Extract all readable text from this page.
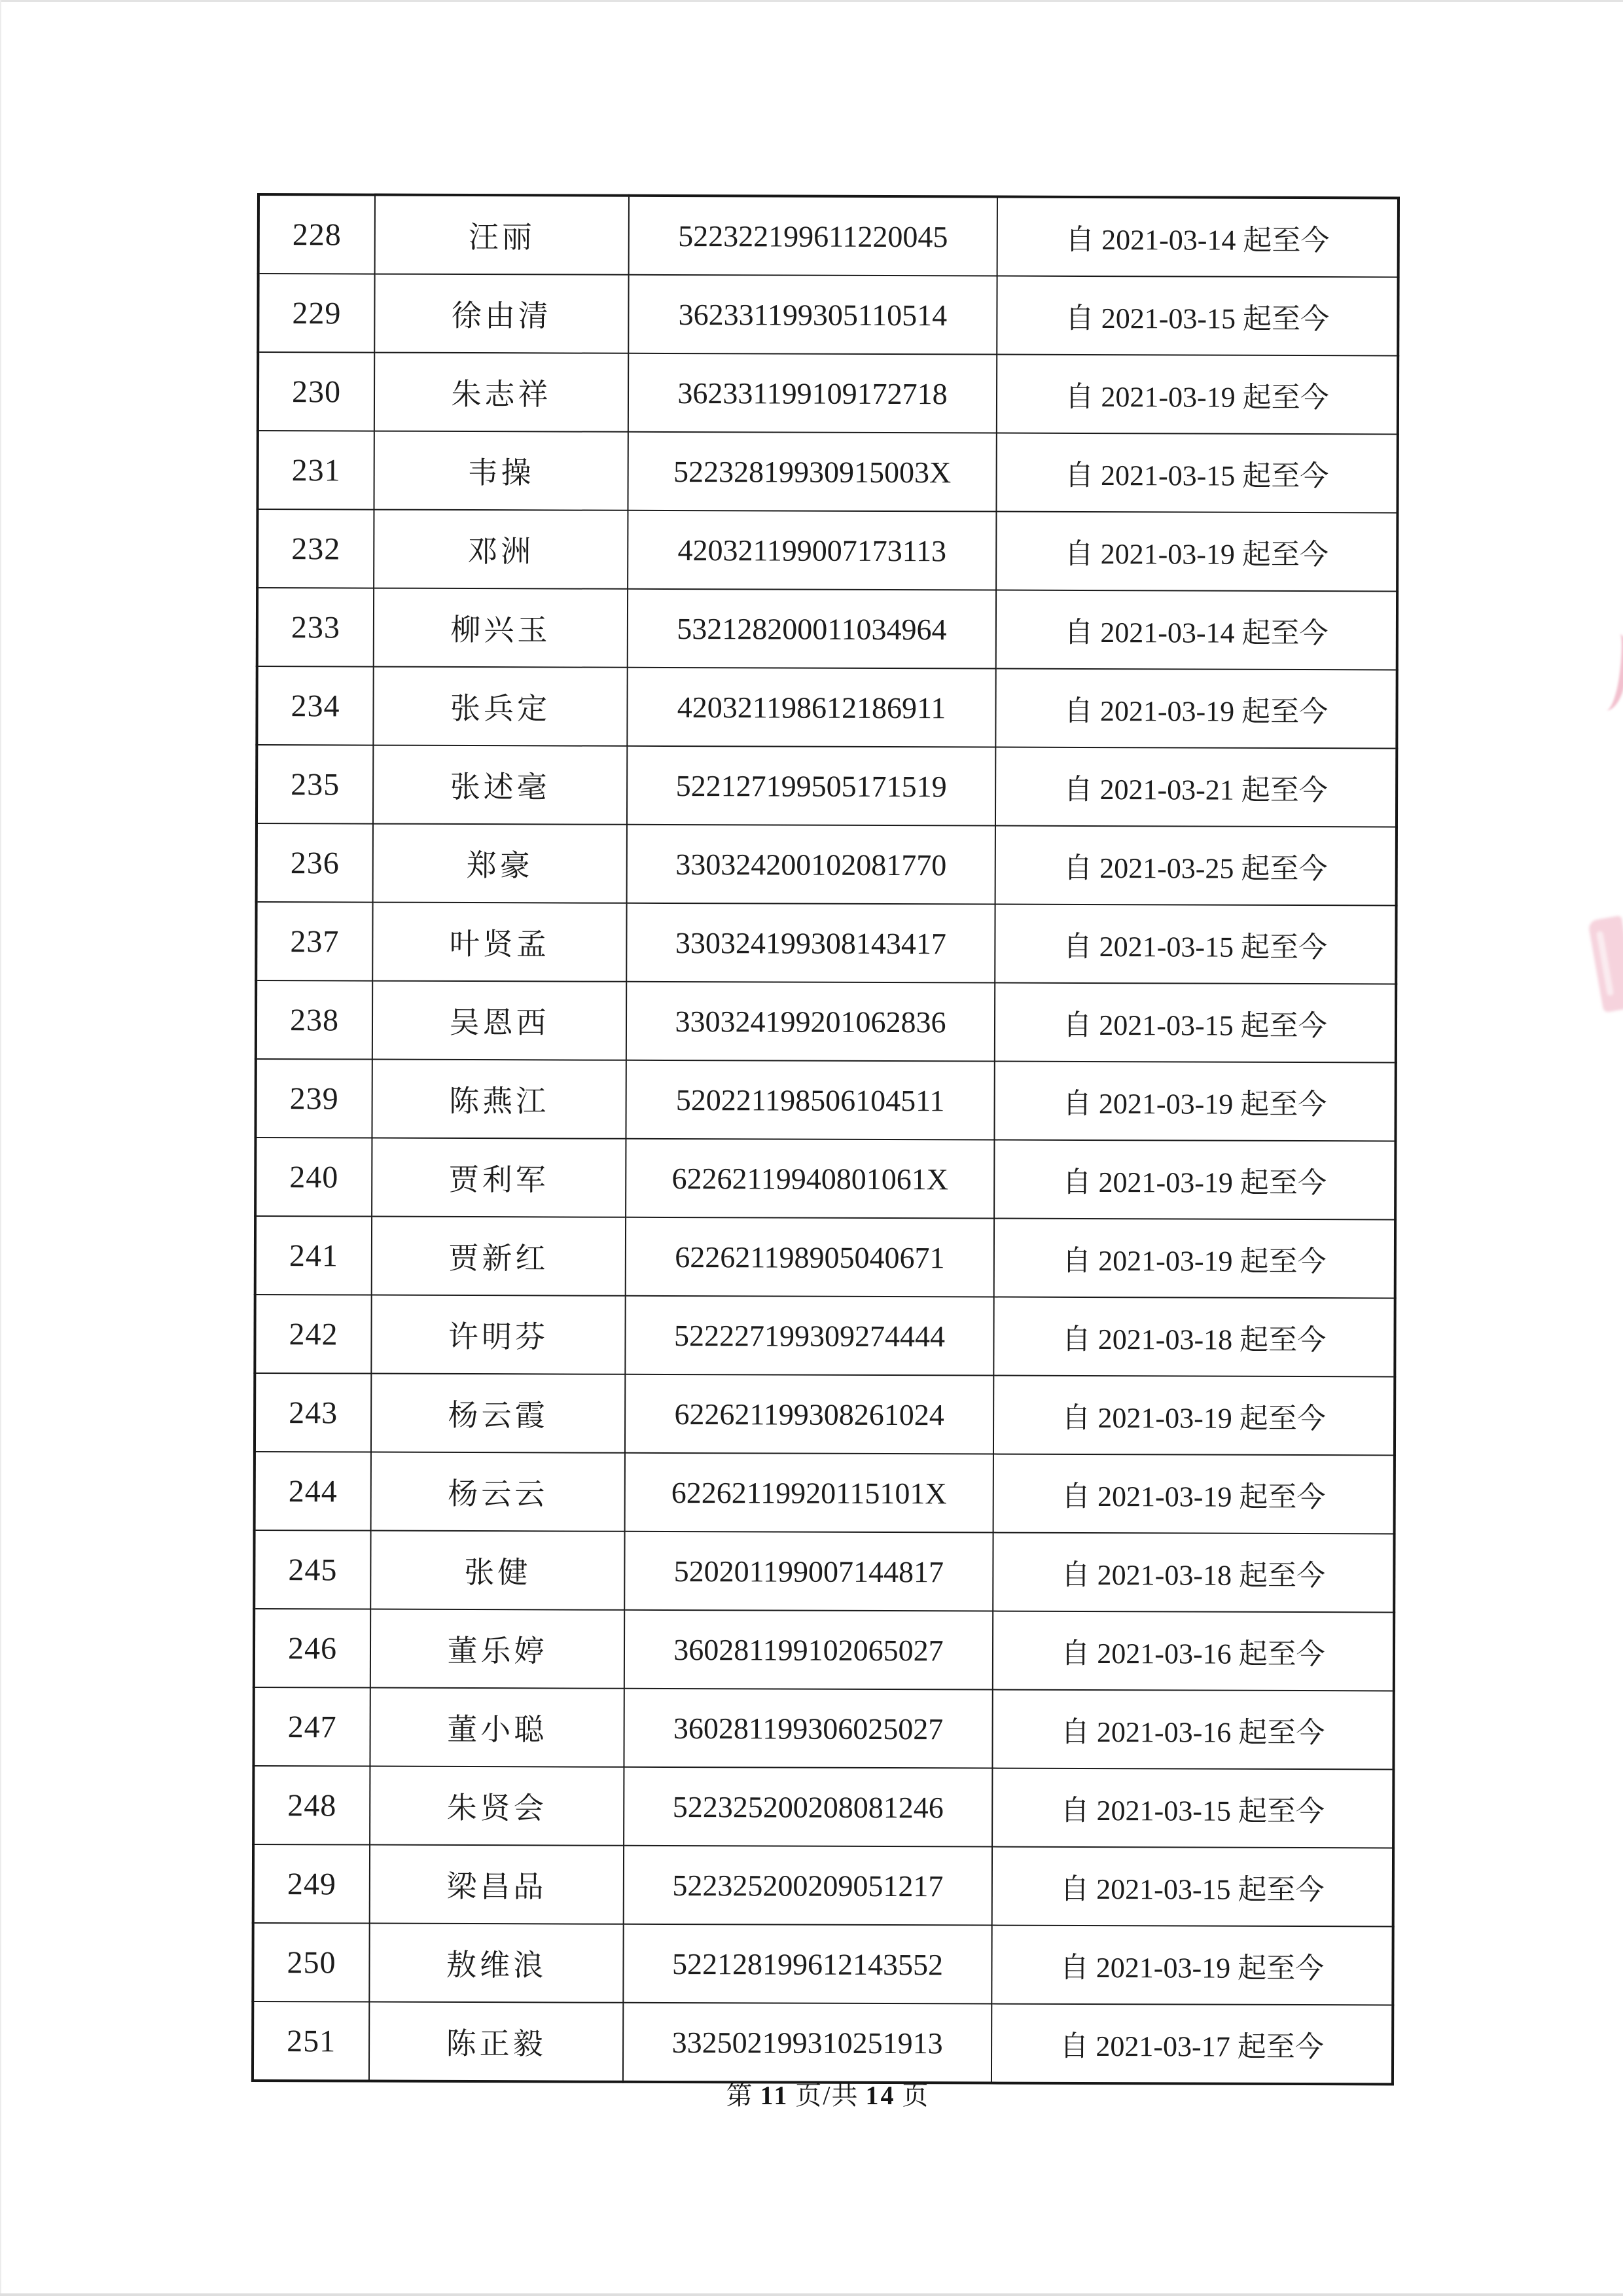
228	汪丽	522322199611220045	自 2021-03-14 起至今
229	徐由清	362331199305110514	自 2021-03-15 起至今
230	朱志祥	362331199109172718	自 2021-03-19 起至今
231	韦操	52232819930915003X	自 2021-03-15 起至今
232	邓洲	420321199007173113	自 2021-03-19 起至今
233	柳兴玉	532128200011034964	自 2021-03-14 起至今
234	张兵定	420321198612186911	自 2021-03-19 起至今
235	张述毫	522127199505171519	自 2021-03-21 起至今
236	郑豪	330324200102081770	自 2021-03-25 起至今
237	叶贤孟	330324199308143417	自 2021-03-15 起至今
238	吴恩西	330324199201062836	自 2021-03-15 起至今
239	陈燕江	520221198506104511	自 2021-03-19 起至今
240	贾利军	62262119940801061X	自 2021-03-19 起至今
241	贾新红	622621198905040671	自 2021-03-19 起至今
242	许明芬	522227199309274444	自 2021-03-18 起至今
243	杨云霞	622621199308261024	自 2021-03-19 起至今
244	杨云云	62262119920115101X	自 2021-03-19 起至今
245	张健	520201199007144817	自 2021-03-18 起至今
246	董乐婷	360281199102065027	自 2021-03-16 起至今
247	董小聪	360281199306025027	自 2021-03-16 起至今
248	朱贤会	522325200208081246	自 2021-03-15 起至今
249	梁昌品	522325200209051217	自 2021-03-15 起至今
250	敖维浪	522128199612143552	自 2021-03-19 起至今
251	陈正毅	332502199310251913	自 2021-03-17 起至今
第 11 页/共 14 页
